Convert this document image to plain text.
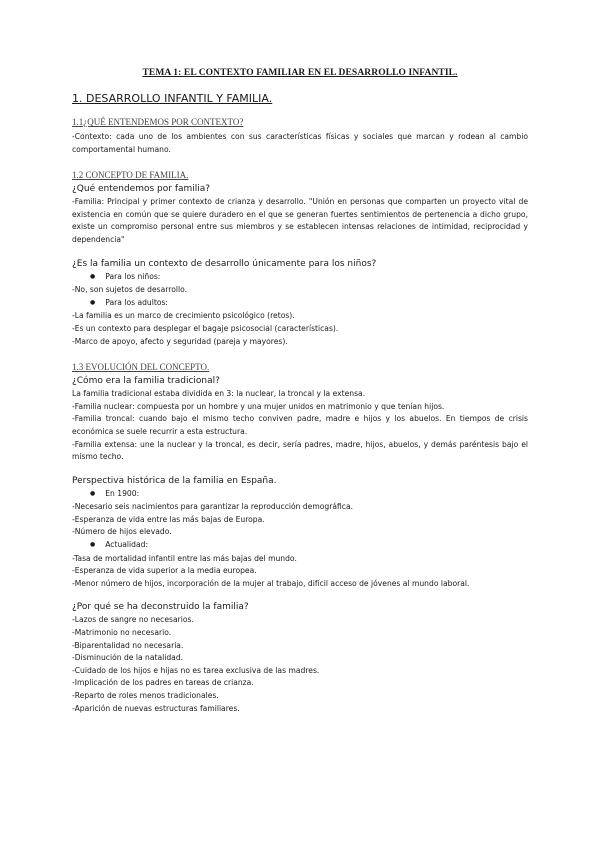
TEMA 1: EL CONTEXTO FAMILIAR EN EL DESARROLLO INFANTIL.
1. DESARROLLO INFANTIL Y FAMILIA.
1.1¿QUÉ ENTENDEMOS POR CONTEXTO?

-Contexto: cada uno de los ambientes con sus características físicas y sociales que marcan y rodean al cambio comportamental humano.

1.2 CONCEPTO DE FAMILIA.
¿Qué entendemos por familia?

-Familia: Principal y primer contexto de crianza y desarrollo. "Unión en personas que comparten un proyecto vital de existencia en común que se quiere duradero en el que se generan fuertes sentimientos de pertenencia a dicho grupo, existe un compromiso personal entre sus miembros y se establecen intensas relaciones de intimidad, reciprocidad y dependencia"

¿Es la familia un contexto de desarrollo únicamente para los niños?

● Para los niños:

-No, son sujetos de desarrollo.

● Para los adultos:

-La familia es un marco de crecimiento psicológico (retos).

-Es un contexto para desplegar el bagaje psicosocial (características).

-Marco de apoyo, afecto y seguridad (pareja y mayores).

1.3 EVOLUCIÓN DEL CONCEPTO.
¿Cómo era la familia tradicional?

La familia tradicional estaba dividida en 3: la nuclear, la troncal y la extensa.

-Familia nuclear: compuesta por un hombre y una mujer unidos en matrimonio y que tenían hijos.

-Familia troncal: cuando bajo el mismo techo conviven padre, madre e hijos y los abuelos. En tiempos de crisis económica se suele recurrir a esta estructura.

-Familia extensa: une la nuclear y la troncal, es decir, sería padres, madre, hijos, abuelos, y demás paréntesis bajo el mismo techo.

Perspectiva histórica de la familia en España.

● En 1900:

-Necesario seis nacimientos para garantizar la reproducción demográfica.

-Esperanza de vida entre las más bajas de Europa.

-Número de hijos elevado.

● Actualidad:

-Tasa de mortalidad infantil entre las más bajas del mundo.

-Esperanza de vida superior a la media europea.

-Menor número de hijos, incorporación de la mujer al trabajo, difícil acceso de jóvenes al mundo laboral.

¿Por qué se ha deconstruido la familia?

-Lazos de sangre no necesarios.

-Matrimonio no necesario.

-Biparentalidad no necesaria.

-Disminución de la natalidad.

-Cuidado de los hijos e hijas no es tarea exclusiva de las madres.

-Implicación de los padres en tareas de crianza.

-Reparto de roles menos tradicionales.

-Aparición de nuevas estructuras familiares.
